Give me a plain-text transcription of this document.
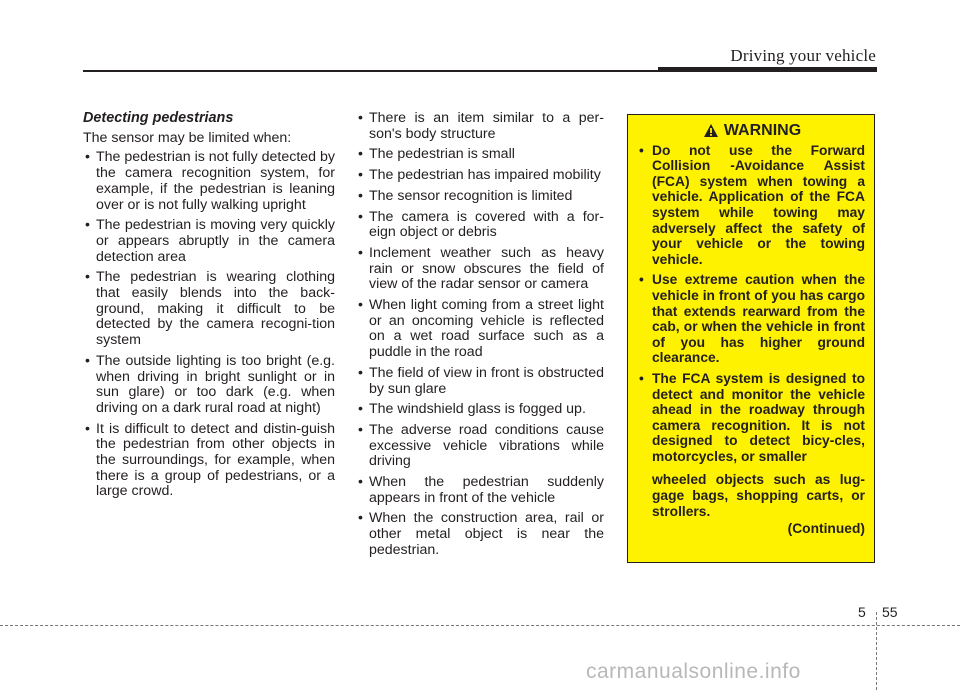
Driving your vehicle
Detecting pedestrians
The sensor may be limited when:
• The pedestrian is not fully detected by the camera recognition system, for example, if the pedestrian is leaning over or is not fully walking upright
• The pedestrian is moving very quickly or appears abruptly in the camera detection area
• The pedestrian is wearing clothing that easily blends into the back-ground, making it difficult to be detected by the camera recogni-tion system
• The outside lighting is too bright (e.g. when driving in bright sunlight or in sun glare) or too dark (e.g. when driving on a dark rural road at night)
• It is difficult to detect and distin-guish the pedestrian from other objects in the surroundings, for example, when there is a group of pedestrians, or a large crowd.
• There is an item similar to a per-son's body structure
• The pedestrian is small
• The pedestrian has impaired mobility
• The sensor recognition is limited
• The camera is covered with a for-eign object or debris
• Inclement weather such as heavy rain or snow obscures the field of view of the radar sensor or camera
• When light coming from a street light or an oncoming vehicle is reflected on a wet road surface such as a puddle in the road
• The field of view in front is obstructed by sun glare
• The windshield glass is fogged up.
• The adverse road conditions cause excessive vehicle vibrations while driving
• When the pedestrian suddenly appears in front of the vehicle
• When the construction area, rail or other metal object is near the pedestrian.
WARNING
• Do not use the Forward Collision -Avoidance Assist (FCA) system when towing a vehicle. Application of the FCA system while towing may adversely affect the safety of your vehicle or the towing vehicle.
• Use extreme caution when the vehicle in front of you has cargo that extends rearward from the cab, or when the vehicle in front of you has higher ground clearance.
• The FCA system is designed to detect and monitor the vehicle ahead in the roadway through camera recognition. It is not designed to detect bicy-cles, motorcycles, or smaller
wheeled objects such as lug-gage bags, shopping carts, or strollers.
(Continued)
5 55
carmanualsonline.info
